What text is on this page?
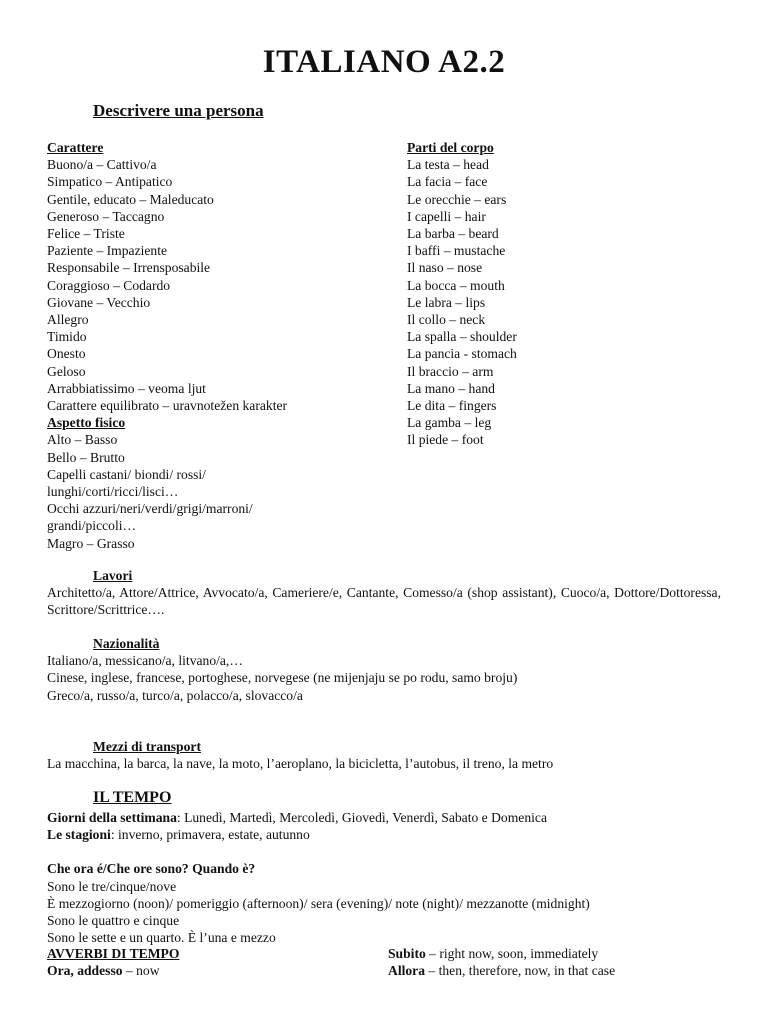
ITALIANO A2.2
Descrivere una persona
Carattere
Buono/a – Cattivo/a
Simpatico – Antipatico
Gentile, educato – Maleducato
Generoso – Taccagno
Felice – Triste
Paziente – Impaziente
Responsabile – Irrensposabile
Coraggioso – Codardo
Giovane – Vecchio
Allegro
Timido
Onesto
Geloso
Arrabbiatissimo – veoma ljut
Carattere equilibrato – uravnotežen karakter
Aspetto fisico
Alto – Basso
Bello – Brutto
Capelli castani/ biondi/ rossi/
lunghi/corti/ricci/lisci…
Occhi azzuri/neri/verdi/grigi/marroni/
grandi/piccoli…
Magro – Grasso
Parti del corpo
La testa – head
La facia – face
Le orecchie – ears
I capelli – hair
La barba – beard
I baffi – mustache
Il naso – nose
La bocca – mouth
Le labra – lips
Il collo – neck
La spalla – shoulder
La pancia - stomach
Il braccio – arm
La mano – hand
Le dita – fingers
La gamba – leg
Il piede – foot
Lavori
Architetto/a, Attore/Attrice, Avvocato/a, Cameriere/e, Cantante, Comesso/a (shop assistant), Cuoco/a, Dottore/Dottoressa, Scrittore/Scrittrice….
Nazionalità
Italiano/a, messicano/a, litvano/a,…
Cinese, inglese, francese, portoghese, norvegese (ne mijenjaju se po rodu, samo broju)
Greco/a, russo/a, turco/a, polacco/a, slovacco/a
Mezzi di transport
La macchina, la barca, la nave, la moto, l’aeroplano, la bicicletta, l’autobus, il treno, la metro
IL TEMPO
Giorni della settimana: Lunedì, Martedì, Mercoledì, Giovedì, Venerdì, Sabato e Domenica
Le stagioni: inverno, primavera, estate, autunno
Che ora é/Che ore sono? Quando è?
Sono le tre/cinque/nove
È mezzogiorno (noon)/ pomeriggio (afternoon)/ sera (evening)/ note (night)/ mezzanotte (midnight)
Sono le quattro e cinque
Sono le sette e un quarto. È l’una e mezzo
AVVERBI DI TEMPO	Subito – right now, soon, immediately
Ora, addesso – now	Allora – then, therefore, now, in that case
